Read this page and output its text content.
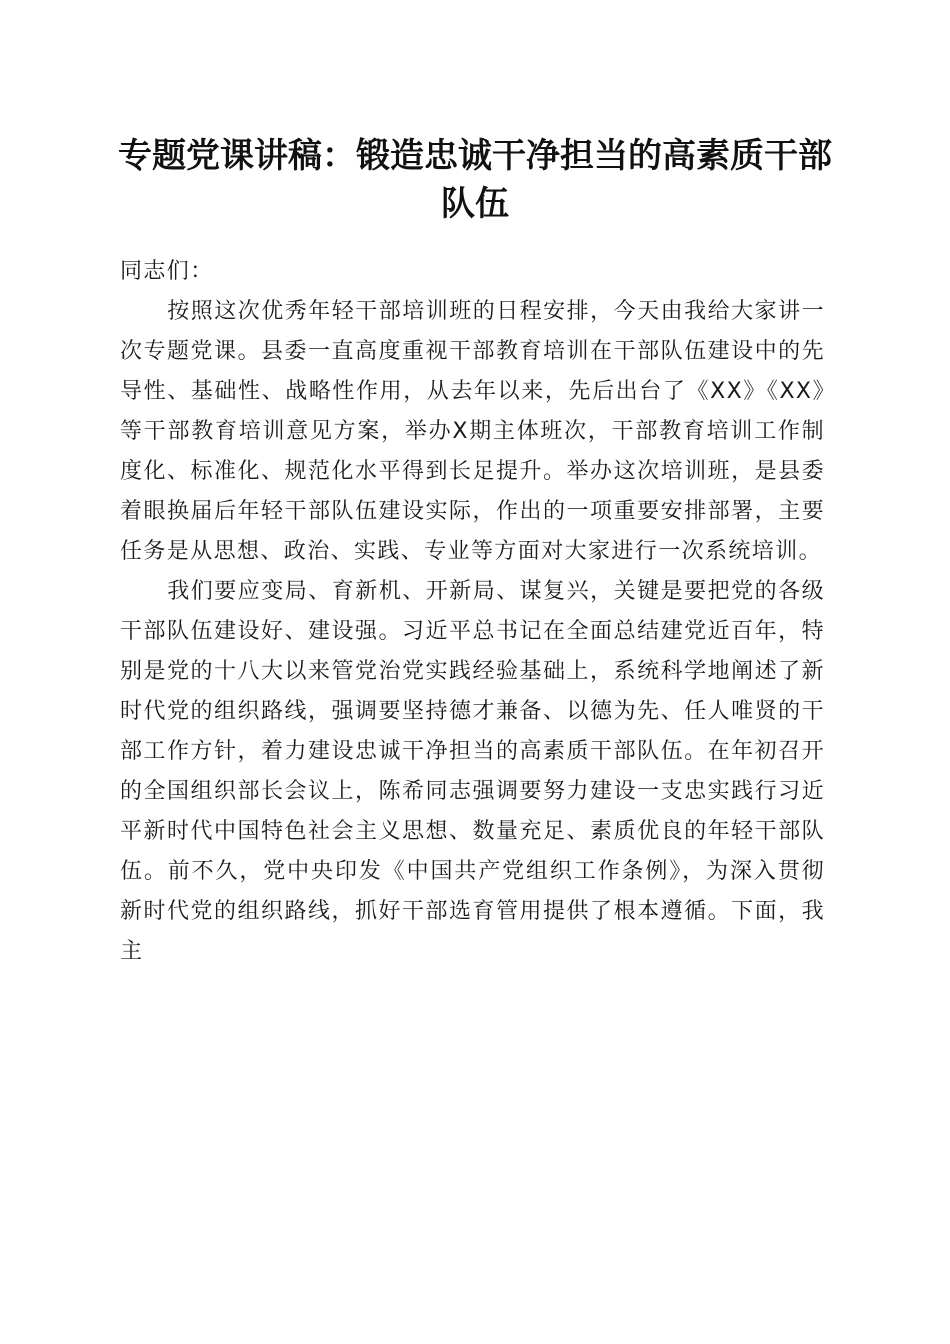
专题党课讲稿：锻造忠诚干净担当的高素质干部队伍

同志们：

按照这次优秀年轻干部培训班的日程安排，今天由我给大家讲一次专题党课。县委一直高度重视干部教育培训在干部队伍建设中的先导性、基础性、战略性作用，从去年以来，先后出台了《XX》《XX》等干部教育培训意见方案，举办X期主体班次，干部教育培训工作制度化、标准化、规范化水平得到长足提升。举办这次培训班，是县委着眼换届后年轻干部队伍建设实际，作出的一项重要安排部署，主要任务是从思想、政治、实践、专业等方面对大家进行一次系统培训。

我们要应变局、育新机、开新局、谋复兴，关键是要把党的各级干部队伍建设好、建设强。习近平总书记在全面总结建党近百年，特别是党的十八大以来管党治党实践经验基础上，系统科学地阐述了新时代党的组织路线，强调要坚持德才兼备、以德为先、任人唯贤的干部工作方针，着力建设忠诚干净担当的高素质干部队伍。在年初召开的全国组织部长会议上，陈希同志强调要努力建设一支忠实践行习近平新时代中国特色社会主义思想、数量充足、素质优良的年轻干部队伍。前不久，党中央印发《中国共产党组织工作条例》，为深入贯彻新时代党的组织路线，抓好干部选育管用提供了根本遵循。下面，我主
